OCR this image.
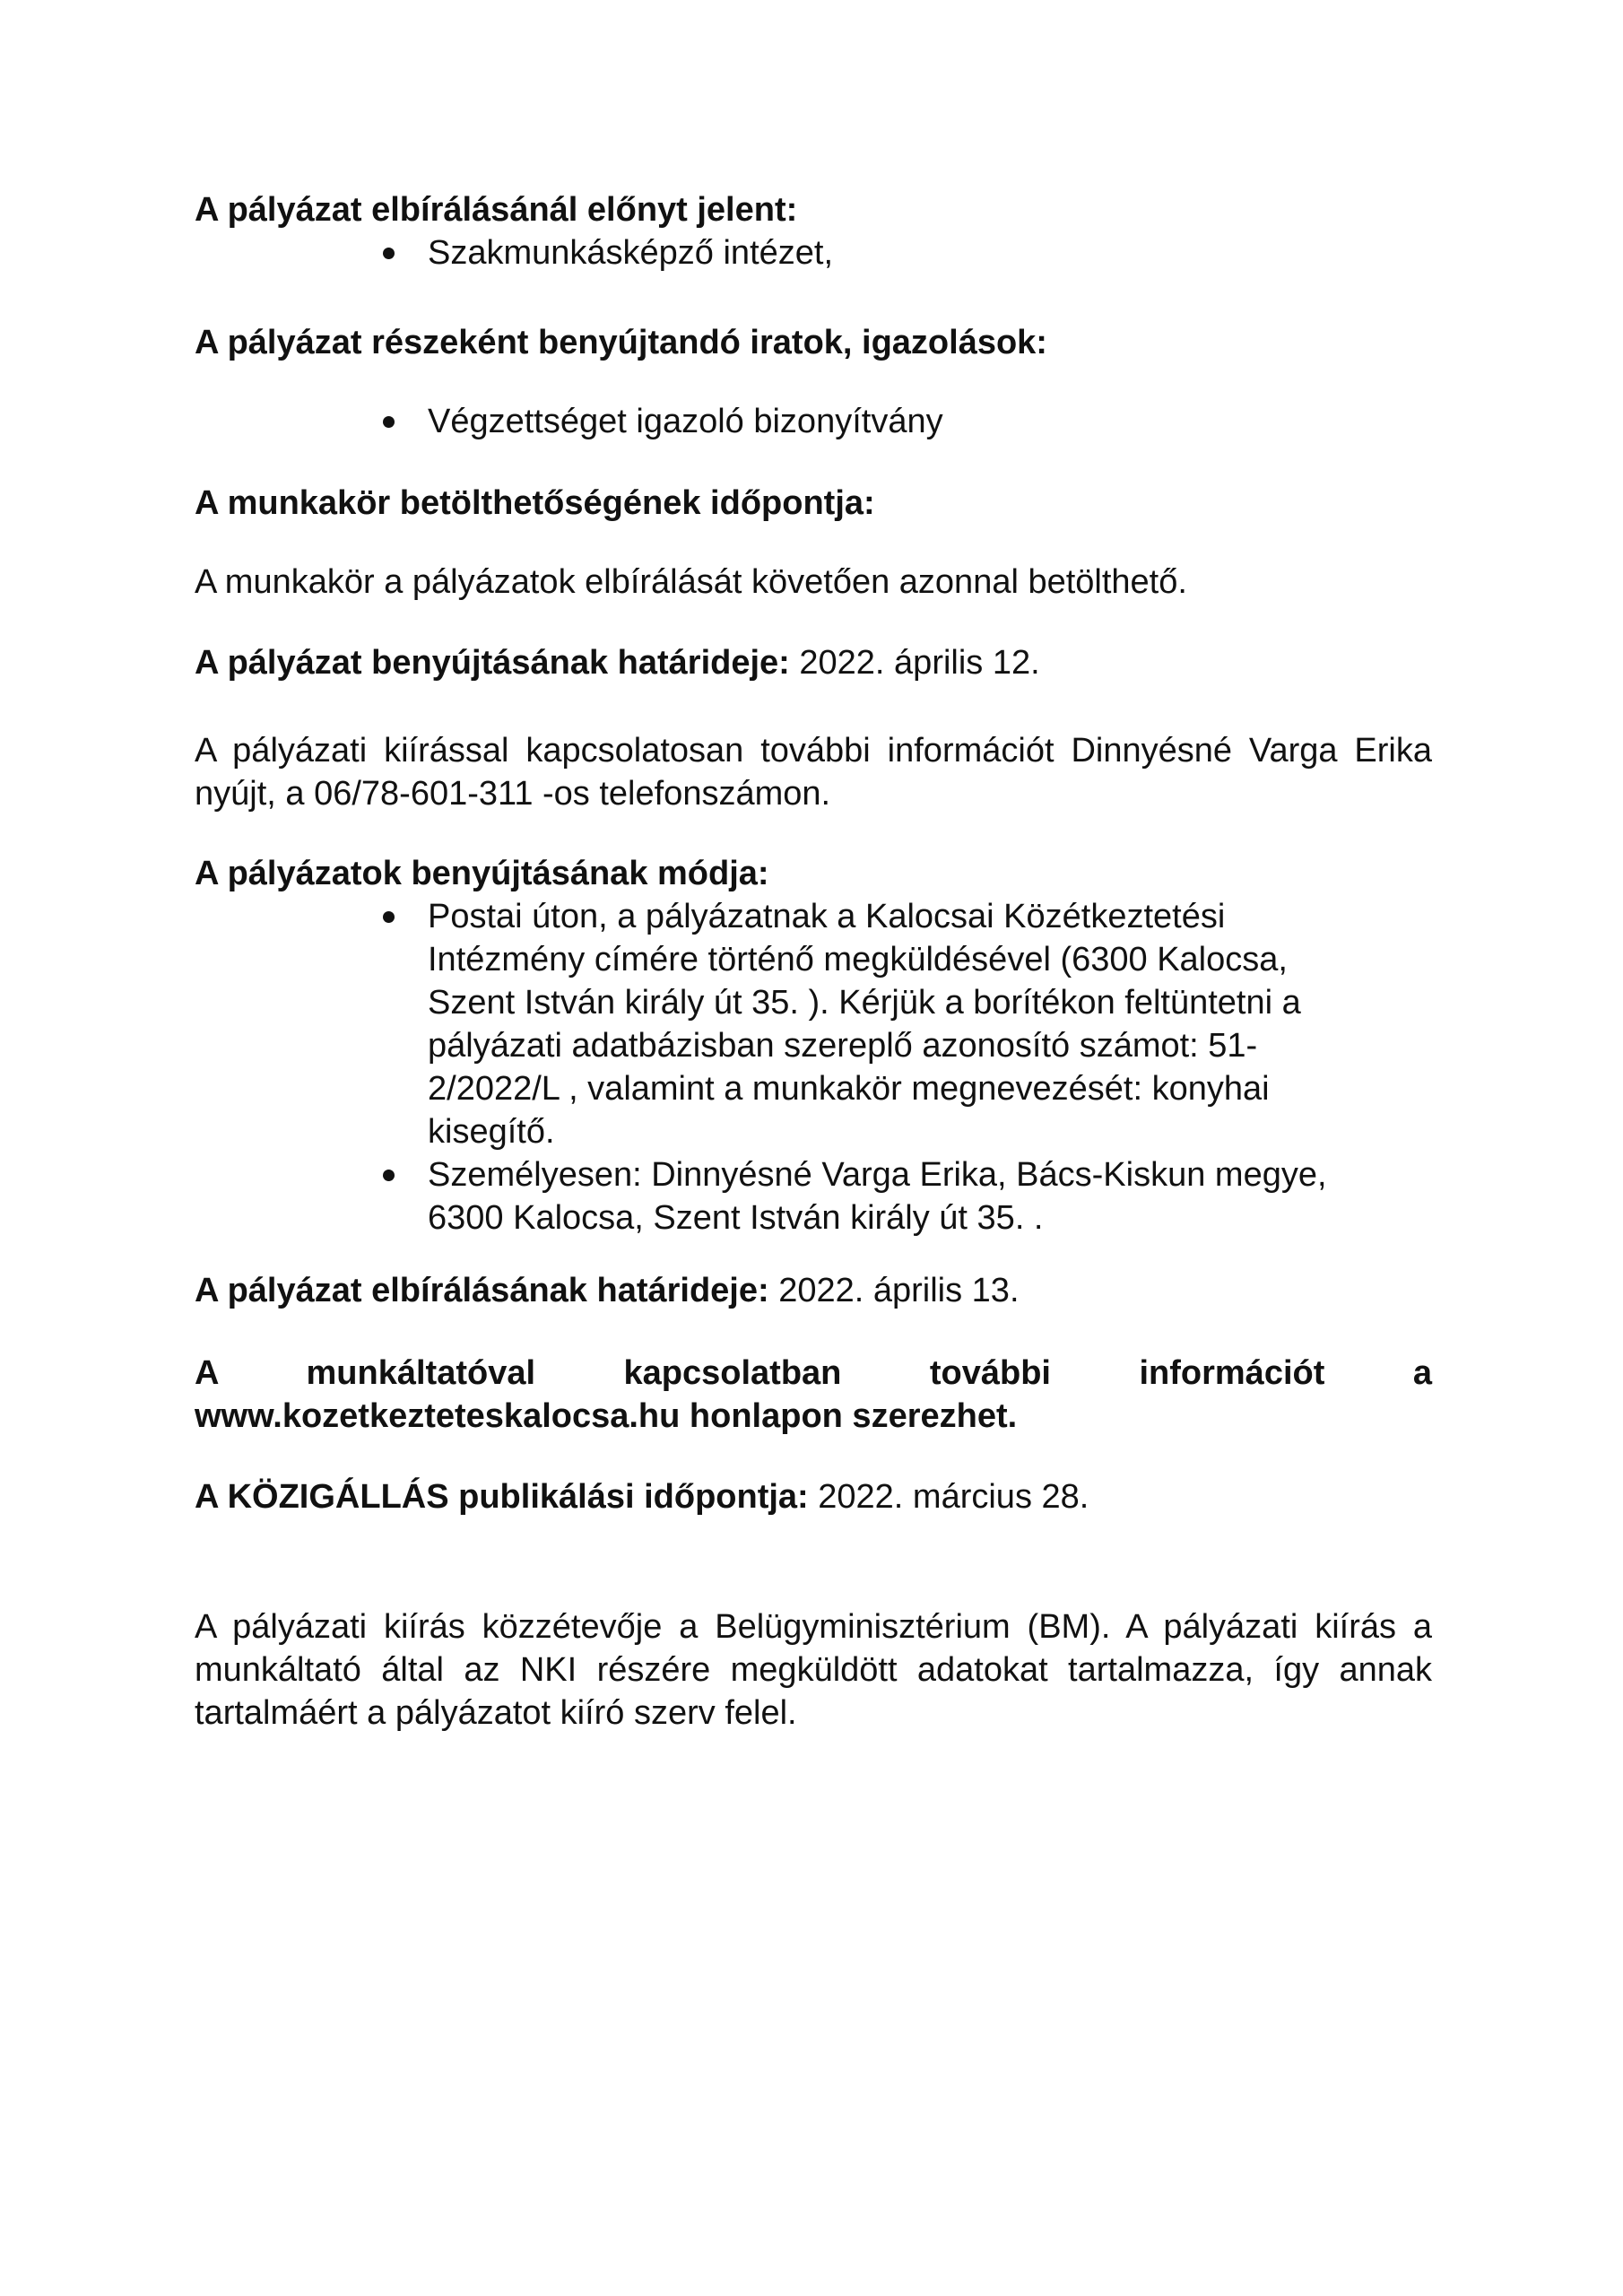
A pályázat elbírálásánál előnyt jelent:

Szakmunkásképző intézet,

A pályázat részeként benyújtandó iratok, igazolások:

Végzettséget igazoló bizonyítvány

A munkakör betölthetőségének időpontja:

A munkakör a pályázatok elbírálását követően azonnal betölthető.

A pályázat benyújtásának határideje: 2022. április 12.

A pályázati kiírással kapcsolatosan további információt Dinnyésné Varga Erika nyújt, a 06/78-601-311 -os telefonszámon.

A pályázatok benyújtásának módja:

Postai úton, a pályázatnak a Kalocsai Közétkeztetési Intézmény címére történő megküldésével (6300 Kalocsa, Szent István király út 35. ). Kérjük a borítékon feltüntetni a pályázati adatbázisban szereplő azonosító számot: 51-2/2022/L , valamint a munkakör megnevezését: konyhai kisegítő.
Személyesen: Dinnyésné Varga Erika, Bács-Kiskun megye, 6300 Kalocsa, Szent István király út 35. .

A pályázat elbírálásának határideje: 2022. április 13.

A munkáltatóval kapcsolatban további információt a

www.kozetkezteteskalocsa.hu honlapon szerezhet.

A KÖZIGÁLLÁS publikálási időpontja: 2022. március 28.

A pályázati kiírás közzétevője a Belügyminisztérium (BM). A pályázati kiírás a munkáltató által az NKI részére megküldött adatokat tartalmazza, így annak tartalmáért a pályázatot kiíró szerv felel.
